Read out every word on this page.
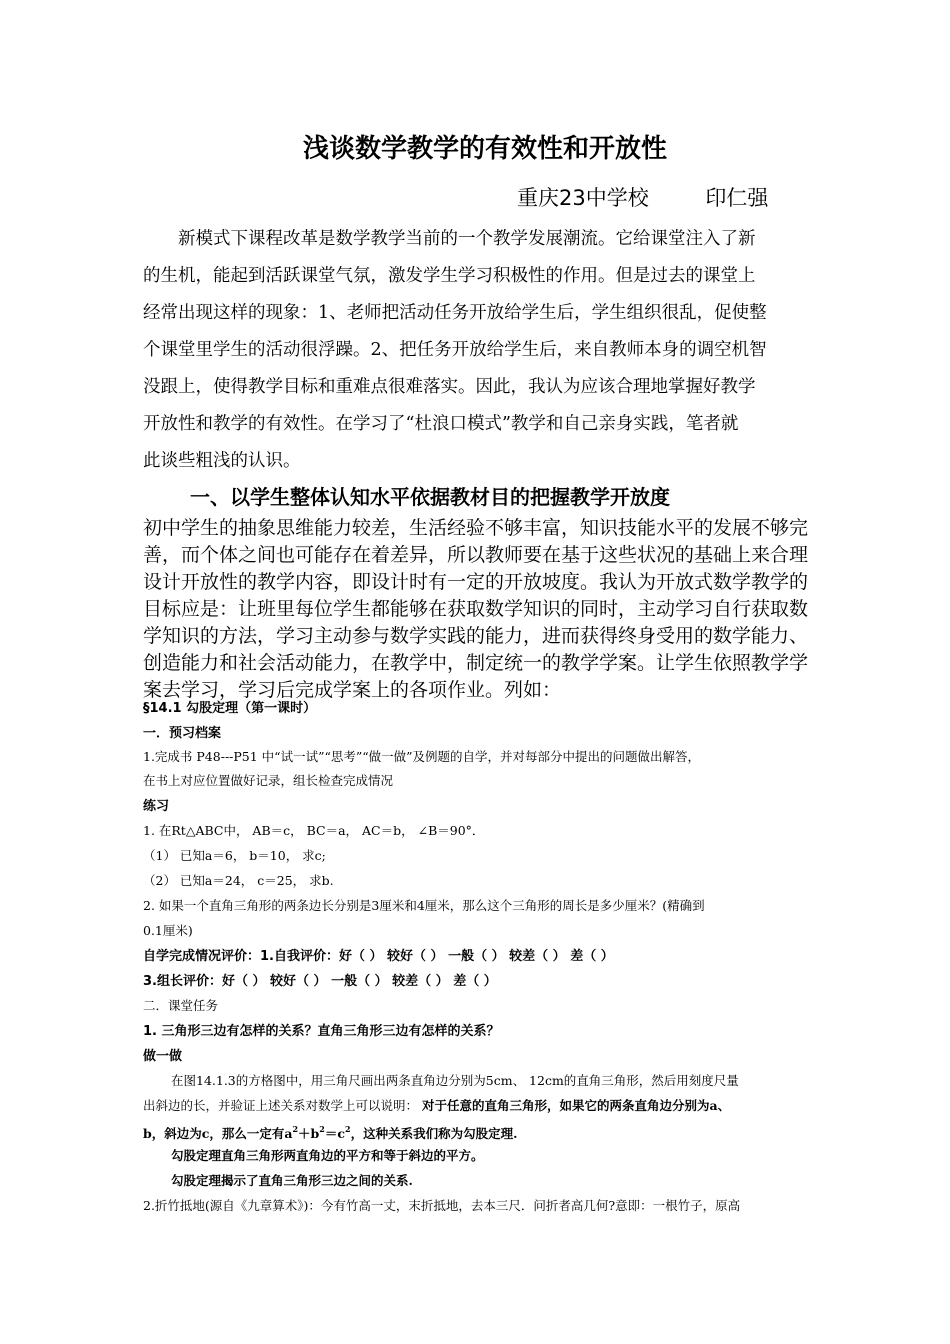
浅谈数学教学的有效性和开放性
重庆23中学校	印仁强
新模式下课程改革是数学教学当前的一个教学发展潮流。它给课堂注入了新
的生机，能起到活跃课堂气氛，激发学生学习积极性的作用。但是过去的课堂上
经常出现这样的现象：1、老师把活动任务开放给学生后，学生组织很乱，促使整
个课堂里学生的活动很浮躁。2、把任务开放给学生后，来自教师本身的调空机智
没跟上，使得教学目标和重难点很难落实。因此，我认为应该合理地掌握好教学
开放性和教学的有效性。在学习了“杜浪口模式”教学和自己亲身实践，笔者就
此谈些粗浅的认识。
一、以学生整体认知水平依据教材目的把握教学开放度
初中学生的抽象思维能力较差，生活经验不够丰富，知识技能水平的发展不够完
善，而个体之间也可能存在着差异，所以教师要在基于这些状况的基础上来合理
设计开放性的教学内容，即设计时有一定的开放坡度。我认为开放式数学教学的
目标应是：让班里每位学生都能够在获取数学知识的同时，主动学习自行获取数
学知识的方法，学习主动参与数学实践的能力，进而获得终身受用的数学能力、
创造能力和社会活动能力，在教学中，制定统一的教学学案。让学生依照教学学
案去学习，学习后完成学案上的各项作业。列如：
§14.1 勾股定理（第一课时）
一．预习档案
1.完成书 P48---P51 中“试一试”“思考”“做一做”及例题的自学，并对每部分中提出的问题做出解答，
在书上对应位置做好记录，组长检查完成情况
练习
1. 在Rt△ABC中， AB＝c， BC＝a， AC＝b， ∠B＝90°．
（1） 已知a＝6， b＝10， 求c;
（2） 已知a＝24， c＝25， 求b.
2. 如果一个直角三角形的两条边长分别是3厘米和4厘米，那么这个三角形的周长是多少厘米？(精确到
0.1厘米)
自学完成情况评价：1.自我评价：好（ ） 较好（ ） 一般（ ） 较差（ ） 差（ ）
3.组长评价：好（ ） 较好（ ） 一般（ ） 较差（ ） 差（ ）
二．课堂任务
1. 三角形三边有怎样的关系？直角三角形三边有怎样的关系？
做一做
在图14.1.3的方格图中，用三角尺画出两条直角边分别为5cm、 12cm的直角三角形，然后用刻度尺量
出斜边的长，并验证上述关系对数学上可以说明： 对于任意的直角三角形，如果它的两条直角边分别为a、
b，斜边为c，那么一定有$a^2+b^2=c^2$，这种关系我们称为勾股定理.
勾股定理直角三角形两直角边的平方和等于斜边的平方。
勾股定理揭示了直角三角形三边之间的关系.
2.折竹抵地(源自《九章算术》)：今有竹高一丈，末折抵地，去本三尺．问折者高几何?意即：一根竹子，原高
